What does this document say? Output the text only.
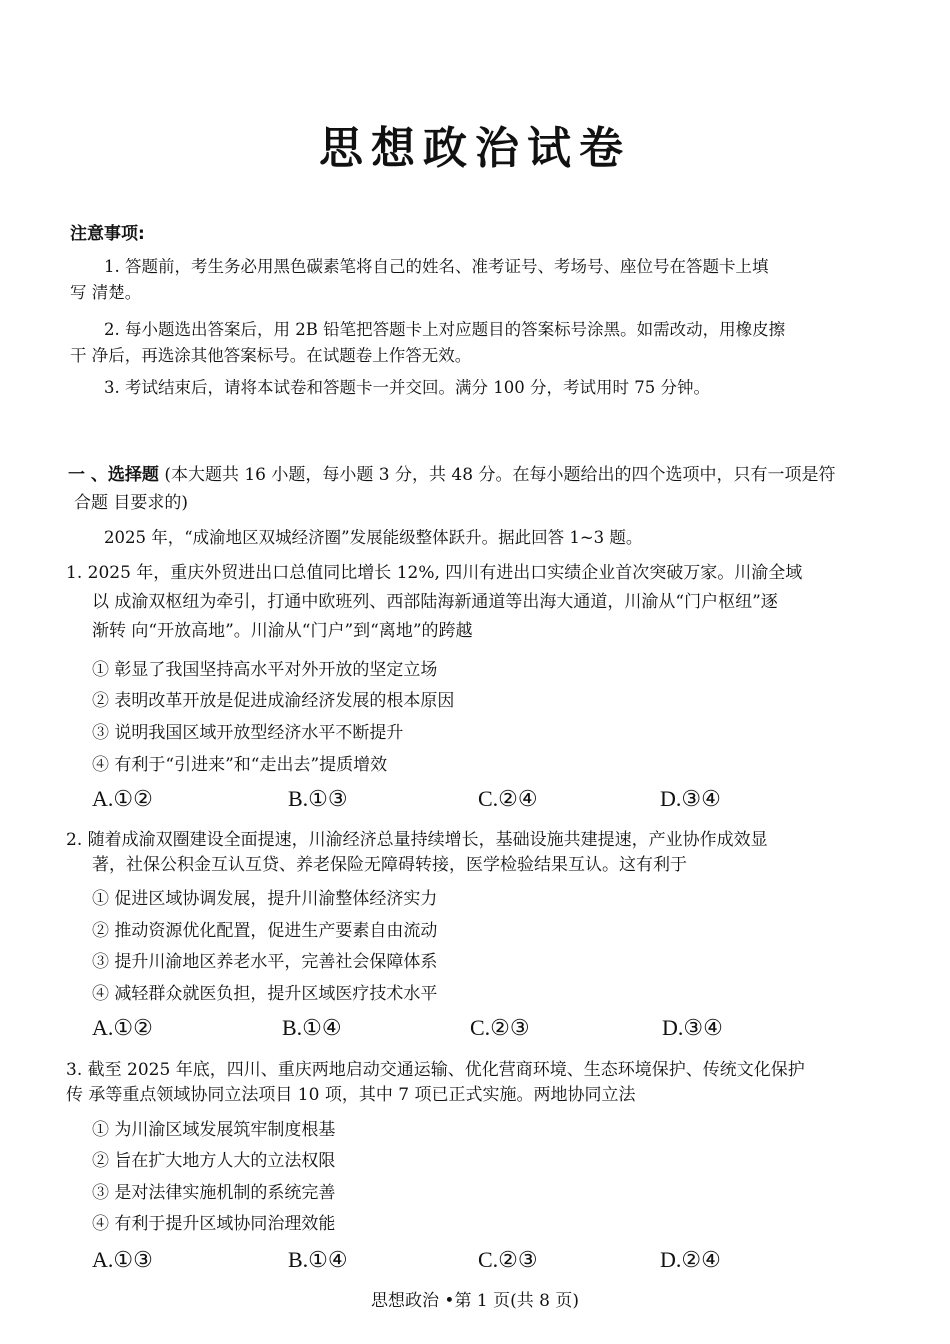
思想政治试卷
注意事项:
1. 答题前，考生务必用黑色碳素笔将自己的姓名、准考证号、考场号、座位号在答题卡上填
写 清楚。
2. 每小题选出答案后，用 2B 铅笔把答题卡上对应题目的答案标号涂黑。如需改动，用橡皮擦
干 净后，再选涂其他答案标号。在试题卷上作答无效。
3. 考试结束后，请将本试卷和答题卡一并交回。满分 100 分，考试用时 75 分钟。
一 、选择题 (本大题共 16 小题，每小题 3 分，共 48 分。在每小题给出的四个选项中，只有一项是符
合题 目要求的)
2025 年，“成渝地区双城经济圈”发展能级整体跃升。据此回答 1~3 题。
1. 2025 年，重庆外贸进出口总值同比增长 12%, 四川有进出口实绩企业首次突破万家。川渝全域
以 成渝双枢纽为牵引，打通中欧班列、西部陆海新通道等出海大通道，川渝从“门户枢纽”逐
渐转 向“开放高地”。川渝从“门户”到“离地”的跨越
① 彰显了我国坚持高水平对外开放的坚定立场
② 表明改革开放是促进成渝经济发展的根本原因
③ 说明我国区域开放型经济水平不断提升
④ 有利于“引进来”和“走出去”提质增效
A.①②	B.①③	C.②④	D.③④
2. 随着成渝双圈建设全面提速，川渝经济总量持续增长，基础设施共建提速，产业协作成效显
著，社保公积金互认互贷、养老保险无障碍转接，医学检验结果互认。这有利于
① 促进区域协调发展，提升川渝整体经济实力
② 推动资源优化配置，促进生产要素自由流动
③ 提升川渝地区养老水平，完善社会保障体系
④ 减轻群众就医负担，提升区域医疗技术水平
A.①②	B.①④	C.②③	D.③④
3. 截至 2025 年底，四川、重庆两地启动交通运输、优化营商环境、生态环境保护、传统文化保护
传 承等重点领域协同立法项目 10 项，其中 7 项已正式实施。两地协同立法
① 为川渝区域发展筑牢制度根基
② 旨在扩大地方人大的立法权限
③ 是对法律实施机制的系统完善
④ 有利于提升区域协同治理效能
A.①③	B.①④	C.②③	D.②④
思想政治 •第 1 页(共 8 页)
